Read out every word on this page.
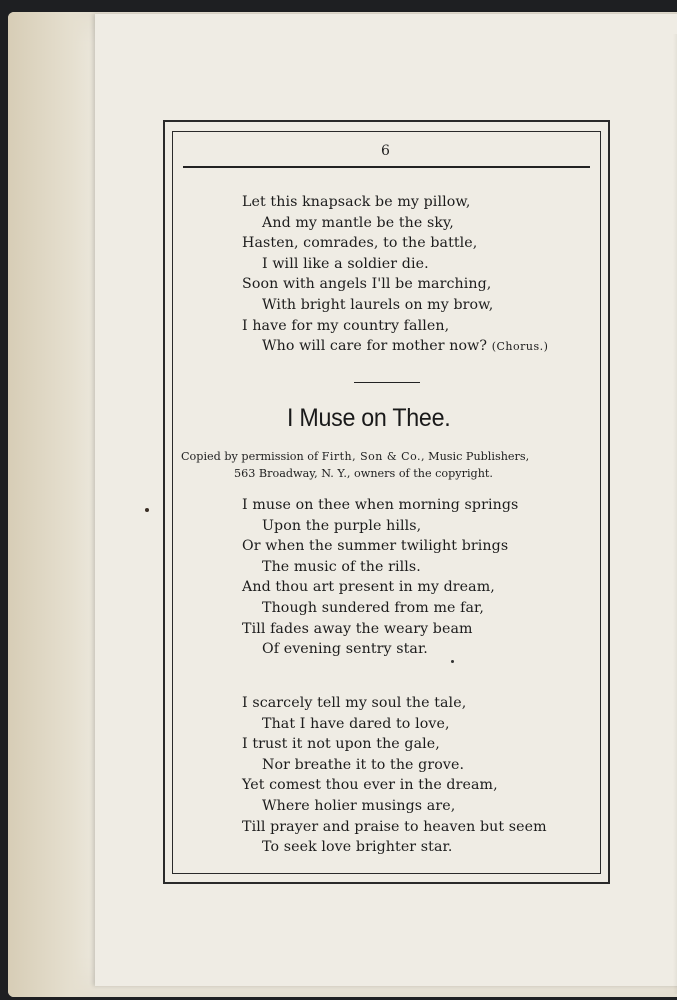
6
Let this knapsack be my pillow,
And my mantle be the sky,
Hasten, comrades, to the battle,
I will like a soldier die.
Soon with angels I'll be marching,
With bright laurels on my brow,
I have for my country fallen,
Who will care for mother now? (Chorus.)
I Muse on Thee.
Copied by permission of Firth, Son & Co., Music Publishers,
563 Broadway, N. Y., owners of the copyright.
I muse on thee when morning springs
Upon the purple hills,
Or when the summer twilight brings
The music of the rills.
And thou art present in my dream,
Though sundered from me far,
Till fades away the weary beam
Of evening sentry star.
I scarcely tell my soul the tale,
That I have dared to love,
I trust it not upon the gale,
Nor breathe it to the grove.
Yet comest thou ever in the dream,
Where holier musings are,
Till prayer and praise to heaven but seem
To seek love brighter star.
